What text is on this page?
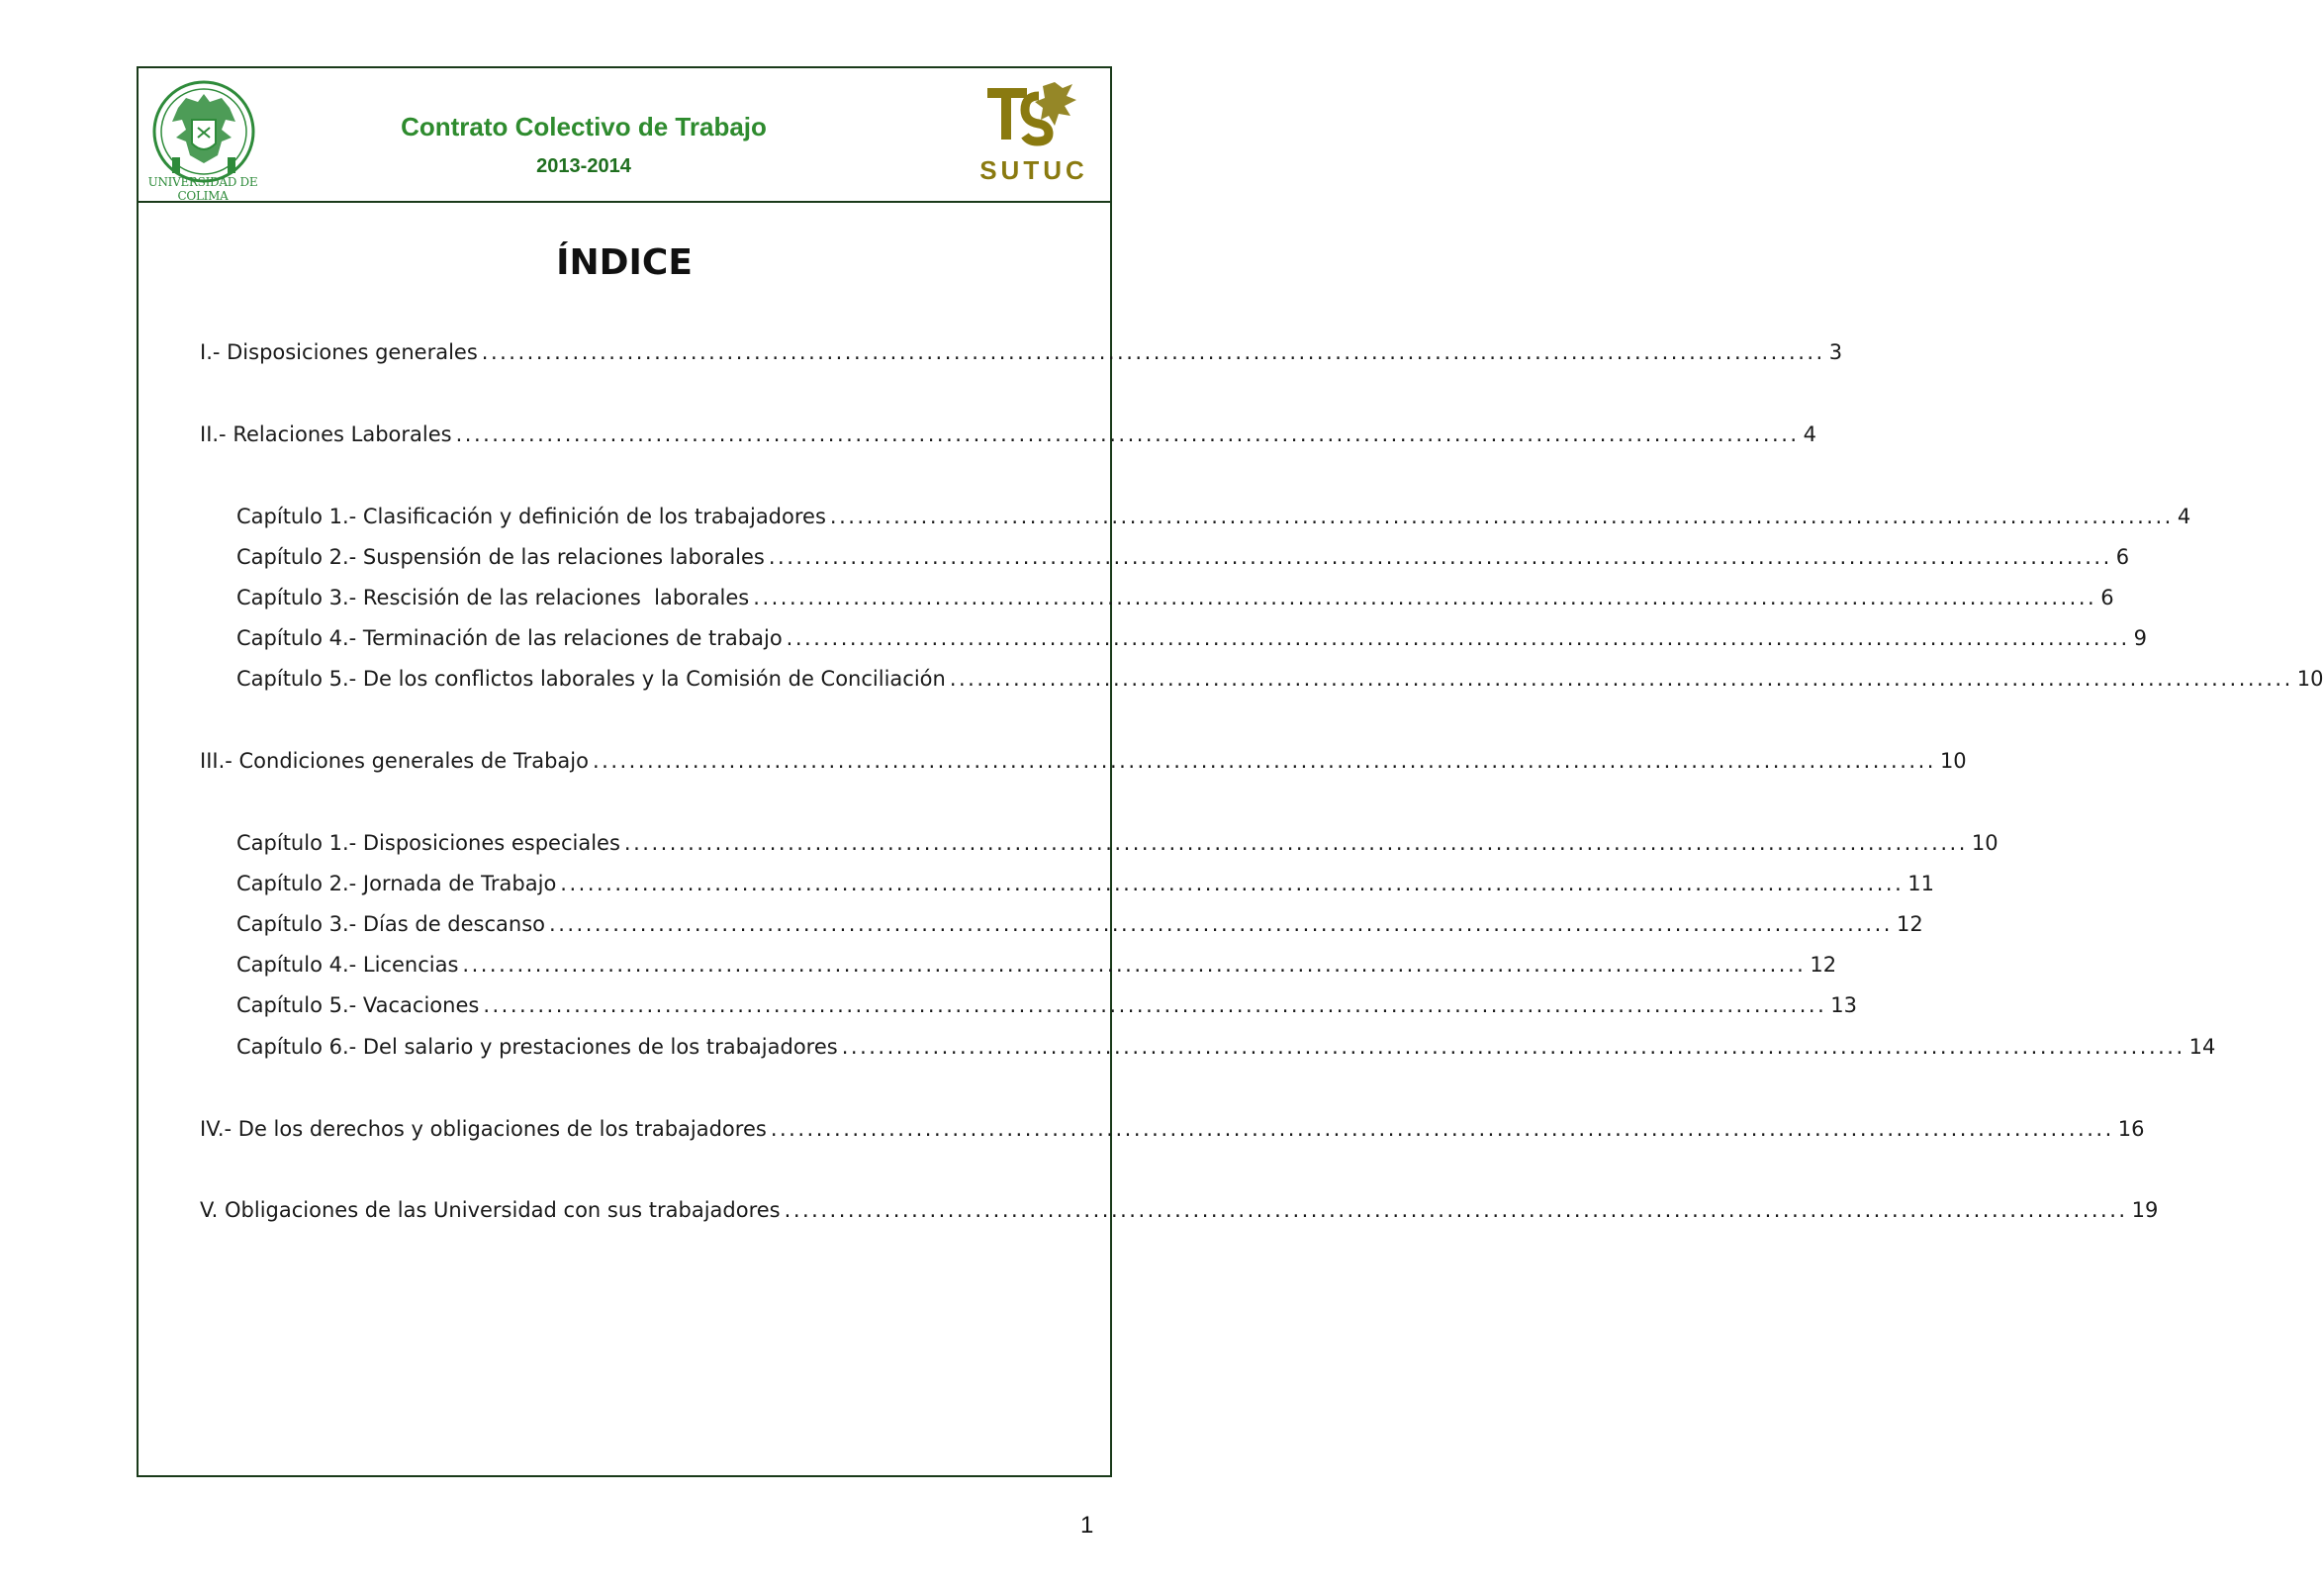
UNIVERSIDAD DE COLIMA
Contrato Colectivo de Trabajo
2013-2014	SUTUC
ÍNDICE
I.- Disposiciones generales .................................................................................................................................................... 3
II.- Relaciones Laborales .................................................................................................................................................... 4
Capítulo 1.- Clasificación y definición de los trabajadores .................................................................................................................................................... 4
Capítulo 2.- Suspensión de las relaciones laborales .................................................................................................................................................... 6
Capítulo 3.- Rescisión de las relaciones  laborales .................................................................................................................................................... 6
Capítulo 4.- Terminación de las relaciones de trabajo .................................................................................................................................................... 9
Capítulo 5.- De los conflictos laborales y la Comisión de Conciliación .................................................................................................................................................... 10
III.- Condiciones generales de Trabajo .................................................................................................................................................... 10
Capítulo 1.- Disposiciones especiales .................................................................................................................................................... 10
Capítulo 2.- Jornada de Trabajo .................................................................................................................................................... 11
Capítulo 3.- Días de descanso .................................................................................................................................................... 12
Capítulo 4.- Licencias .................................................................................................................................................... 12
Capítulo 5.- Vacaciones .................................................................................................................................................... 13
Capítulo 6.- Del salario y prestaciones de los trabajadores .................................................................................................................................................... 14
IV.- De los derechos y obligaciones de los trabajadores .................................................................................................................................................... 16
V. Obligaciones de las Universidad con sus trabajadores .................................................................................................................................................... 19
1
